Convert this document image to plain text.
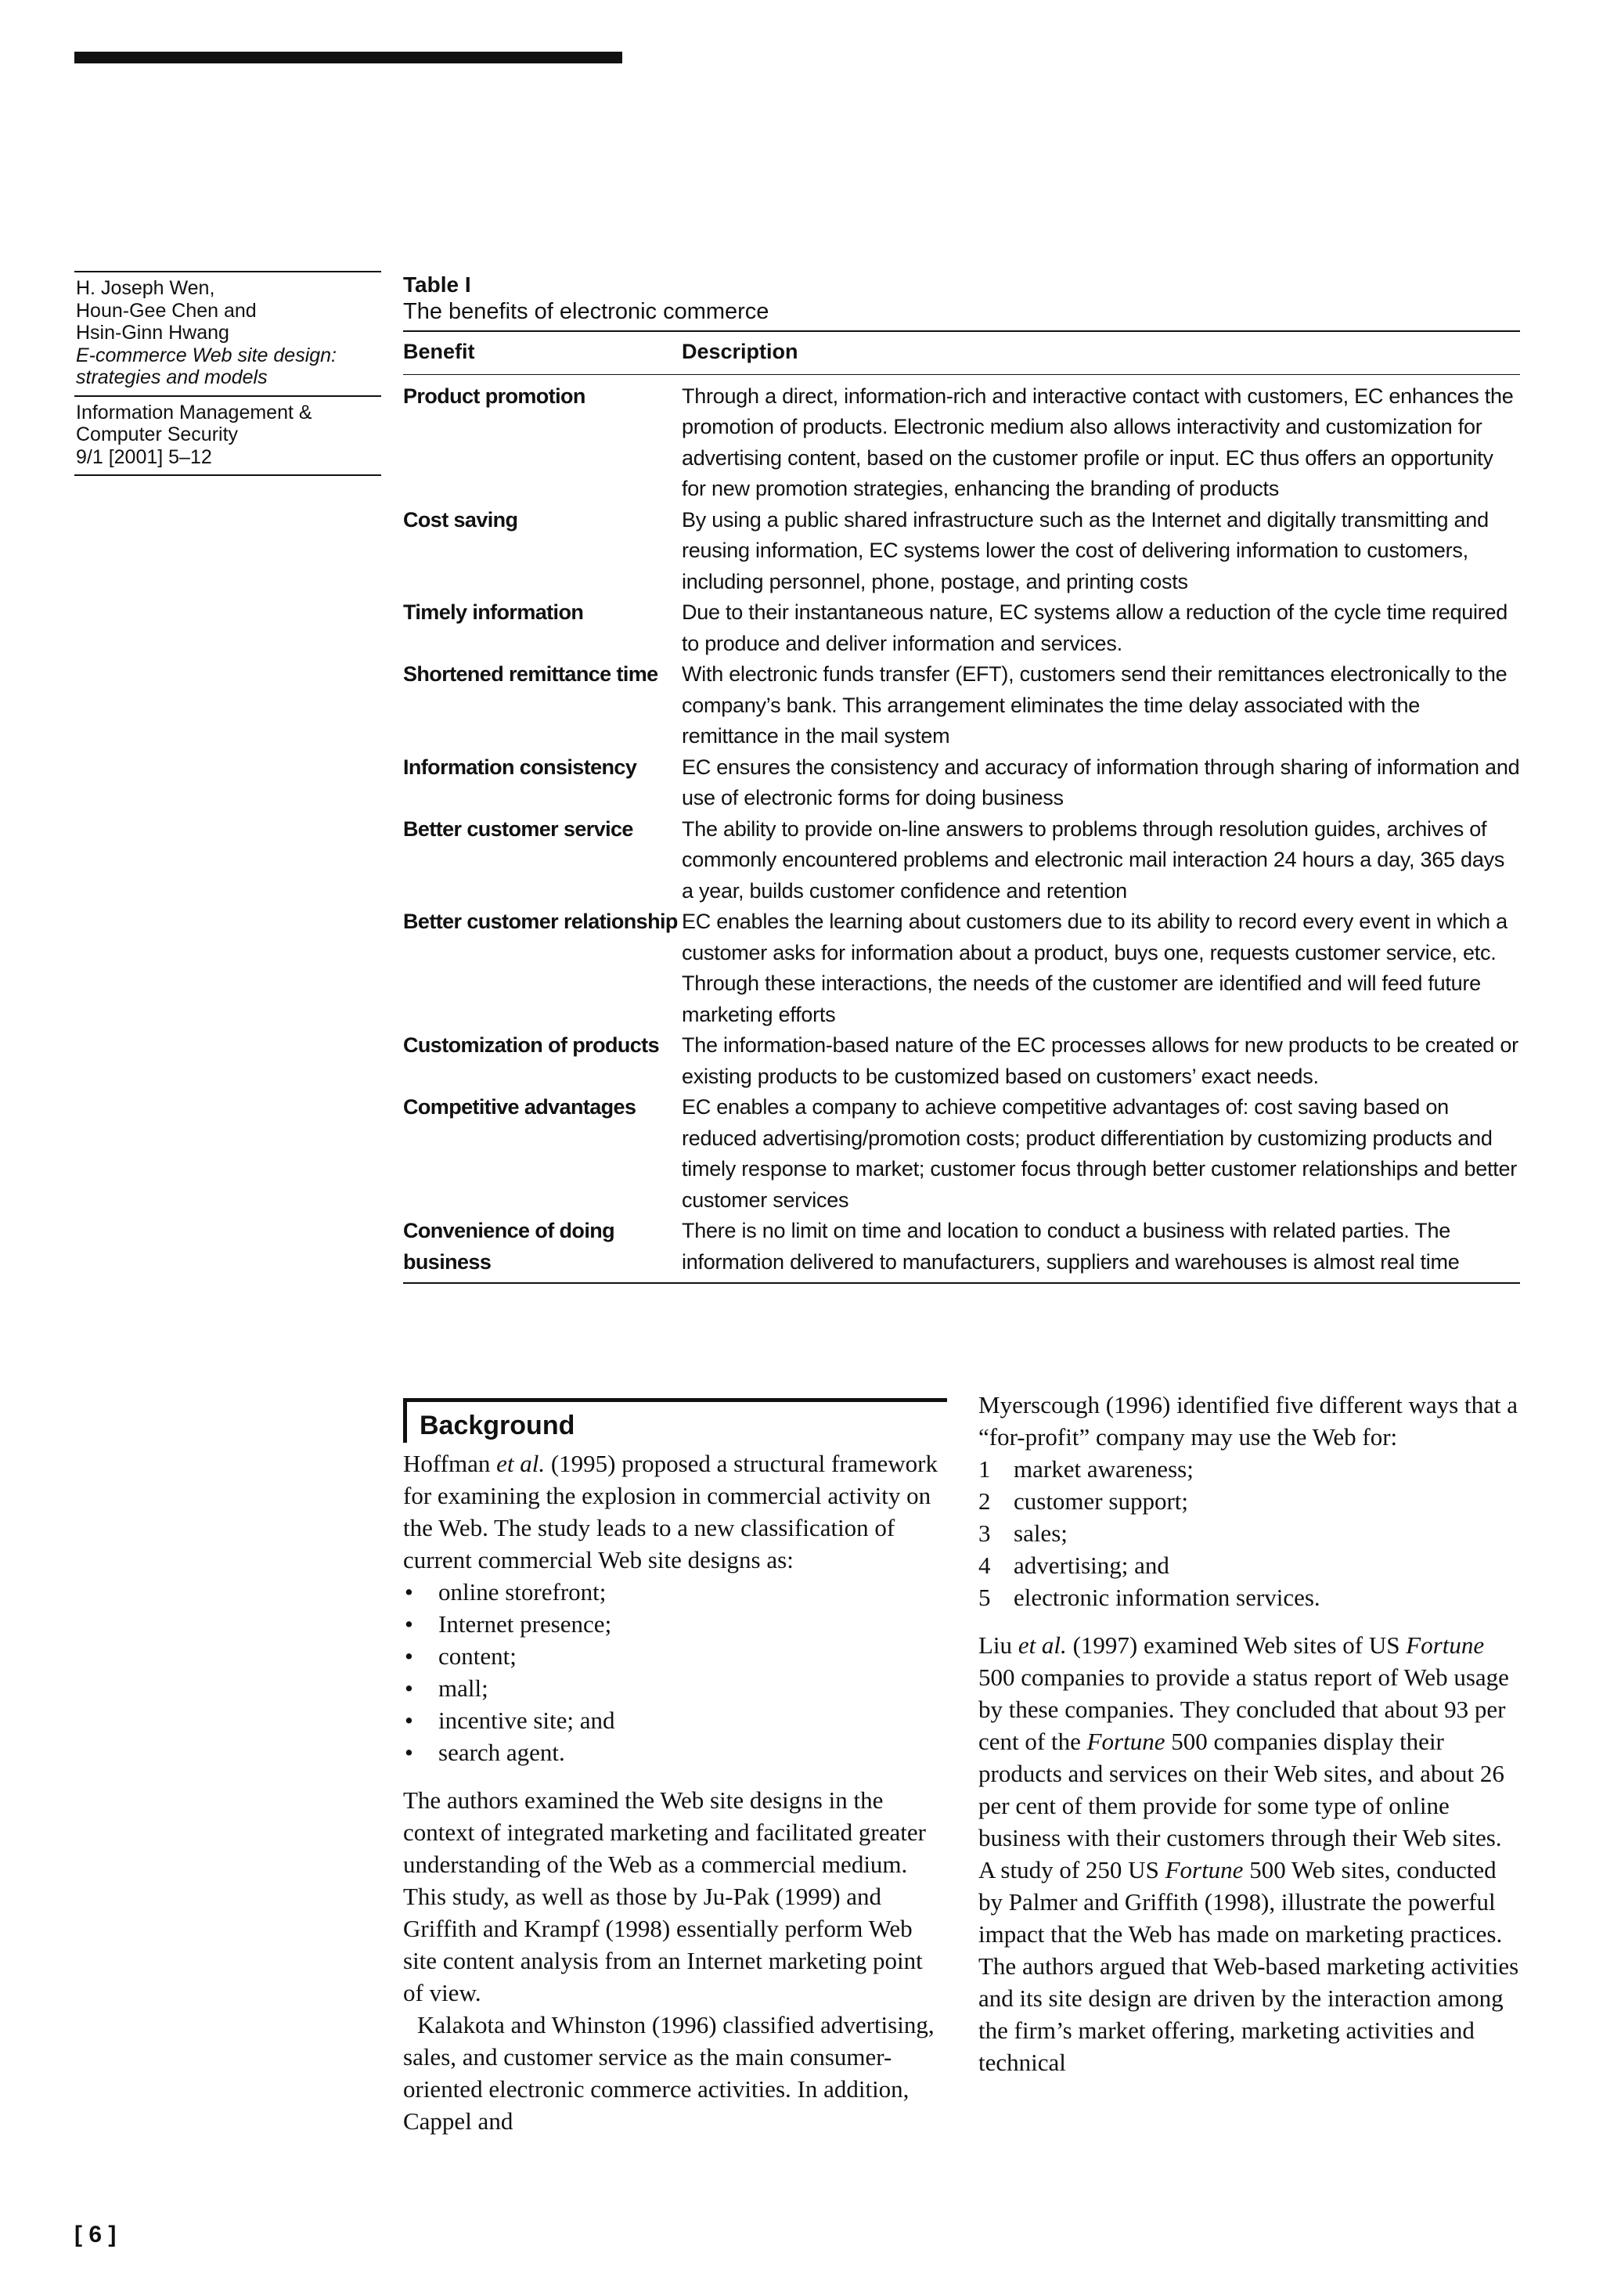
H. Joseph Wen,
Houn-Gee Chen and
Hsin-Ginn Hwang
E-commerce Web site design:
strategies and models
Information Management &
Computer Security
9/1 [2001] 5–12
Table I
The benefits of electronic commerce
Benefit	Description
Product promotion	Through a direct, information-rich and interactive contact with customers, EC enhances the promotion of products. Electronic medium also allows interactivity and customization for advertising content, based on the customer profile or input. EC thus offers an opportunity for new promotion strategies, enhancing the branding of products
Cost saving	By using a public shared infrastructure such as the Internet and digitally transmitting and reusing information, EC systems lower the cost of delivering information to customers, including personnel, phone, postage, and printing costs
Timely information	Due to their instantaneous nature, EC systems allow a reduction of the cycle time required to produce and deliver information and services.
Shortened remittance time	With electronic funds transfer (EFT), customers send their remittances electronically to the company’s bank. This arrangement eliminates the time delay associated with the remittance in the mail system
Information consistency	EC ensures the consistency and accuracy of information through sharing of information and use of electronic forms for doing business
Better customer service	The ability to provide on-line answers to problems through resolution guides, archives of commonly encountered problems and electronic mail interaction 24 hours a day, 365 days a year, builds customer confidence and retention
Better customer relationship	EC enables the learning about customers due to its ability to record every event in which a customer asks for information about a product, buys one, requests customer service, etc. Through these interactions, the needs of the customer are identified and will feed future marketing efforts
Customization of products	The information-based nature of the EC processes allows for new products to be created or existing products to be customized based on customers’ exact needs.
Competitive advantages	EC enables a company to achieve competitive advantages of: cost saving based on reduced advertising/promotion costs; product differentiation by customizing products and timely response to market; customer focus through better customer relationships and better customer services
Convenience of doing business	There is no limit on time and location to conduct a business with related parties. The information delivered to manufacturers, suppliers and warehouses is almost real time
Background

Hoffman et al. (1995) proposed a structural framework for examining the explosion in commercial activity on the Web. The study leads to a new classification of current commercial Web site designs as:

• online storefront;
• Internet presence;
• content;
• mall;
• incentive site; and
• search agent.

The authors examined the Web site designs in the context of integrated marketing and facilitated greater understanding of the Web as a commercial medium. This study, as well as those by Ju-Pak (1999) and Griffith and Krampf (1998) essentially perform Web site content analysis from an Internet marketing point of view.

Kalakota and Whinston (1996) classified advertising, sales, and customer service as the main consumer-oriented electronic commerce activities. In addition, Cappel and

Myerscough (1996) identified five different ways that a “for-profit” company may use the Web for:

1 market awareness;
2 customer support;
3 sales;
4 advertising; and
5 electronic information services.

Liu et al. (1997) examined Web sites of US Fortune 500 companies to provide a status report of Web usage by these companies. They concluded that about 93 per cent of the Fortune 500 companies display their products and services on their Web sites, and about 26 per cent of them provide for some type of online business with their customers through their Web sites. A study of 250 US Fortune 500 Web sites, conducted by Palmer and Griffith (1998), illustrate the powerful impact that the Web has made on marketing practices. The authors argued that Web-based marketing activities and its site design are driven by the interaction among the firm’s market offering, marketing activities and technical

[ 6 ]
